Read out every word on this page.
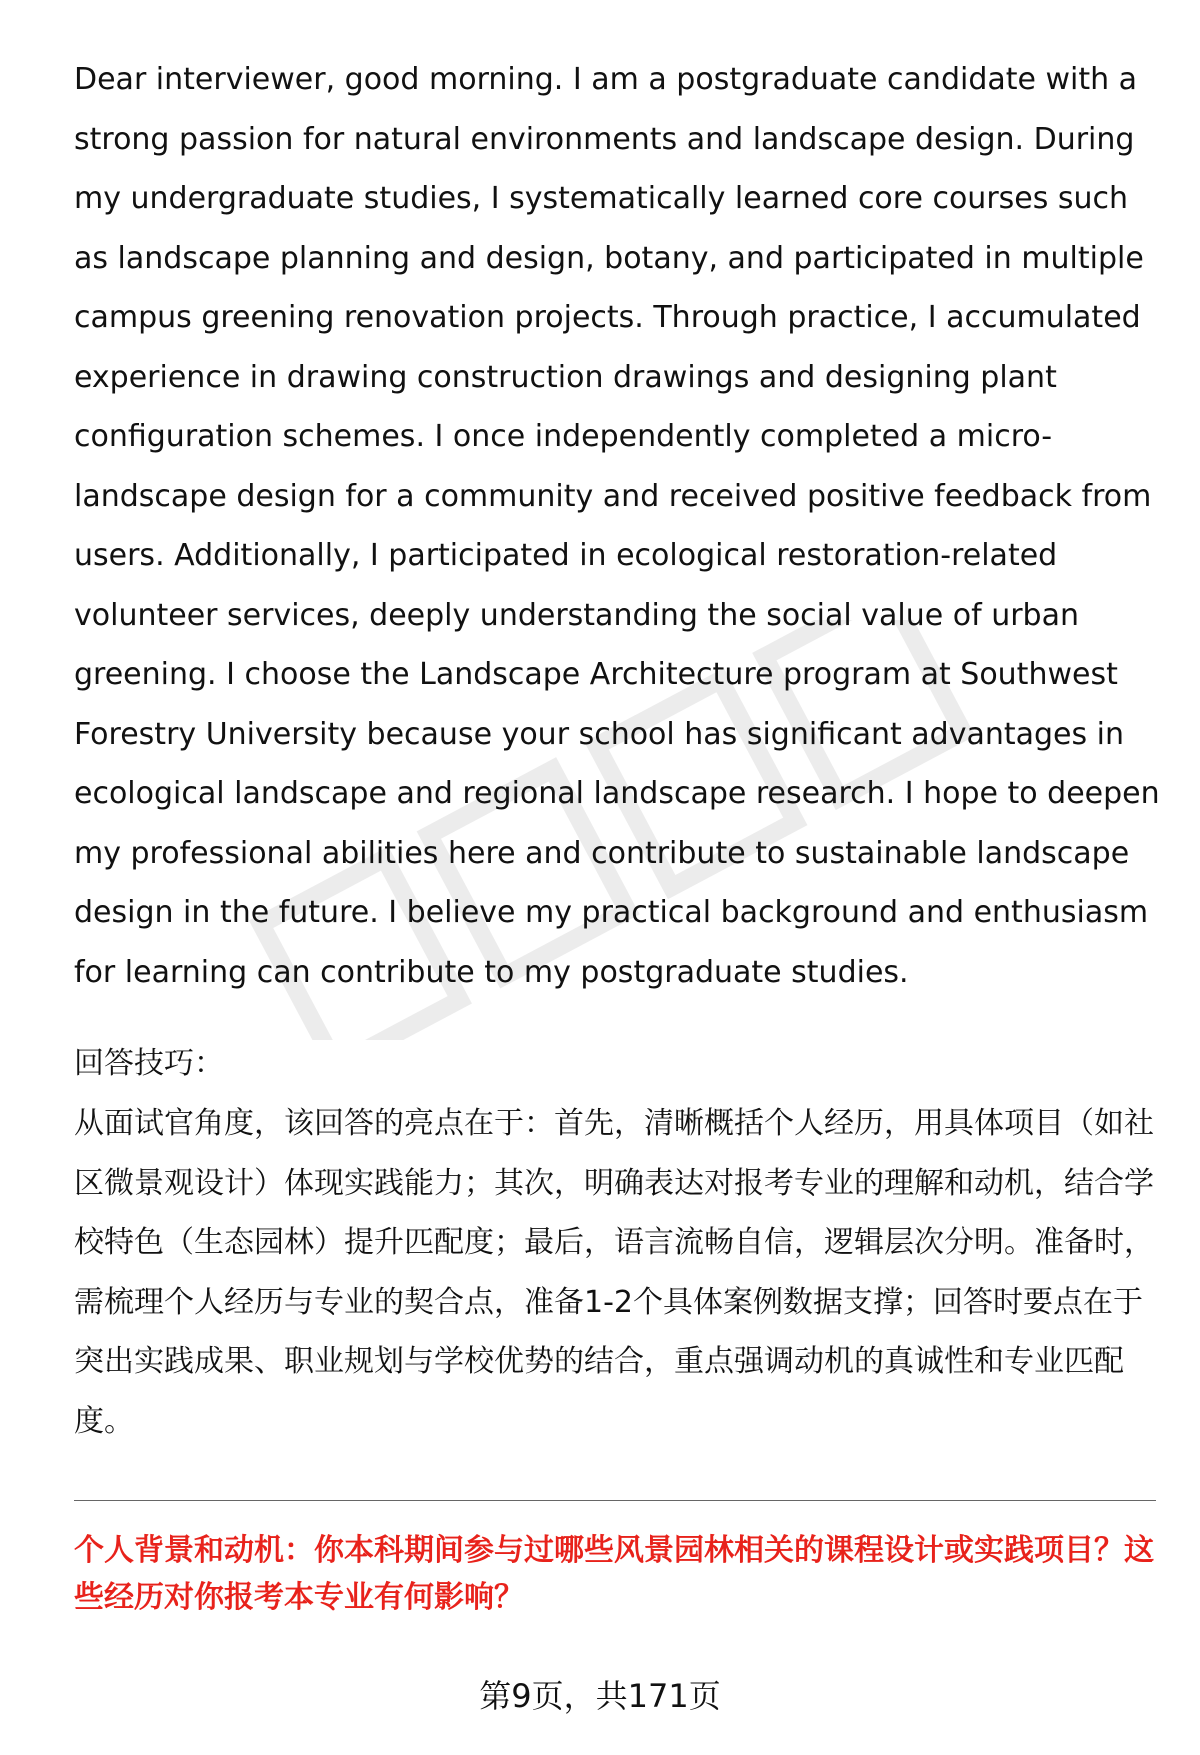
Dear interviewer, good morning. I am a postgraduate candidate with a strong passion for natural environments and landscape design. During my undergraduate studies, I systematically learned core courses such as landscape planning and design, botany, and participated in multiple campus greening renovation projects. Through practice, I accumulated experience in drawing construction drawings and designing plant configuration schemes. I once independently completed a micro-landscape design for a community and received positive feedback from users. Additionally, I participated in ecological restoration-related volunteer services, deeply understanding the social value of urban greening. I choose the Landscape Architecture program at Southwest Forestry University because your school has significant advantages in ecological landscape and regional landscape research. I hope to deepen my professional abilities here and contribute to sustainable landscape design in the future. I believe my practical background and enthusiasm for learning can contribute to my postgraduate studies.

回答技巧：

从面试官角度，该回答的亮点在于：首先，清晰概括个人经历，用具体项目（如社区微景观设计）体现实践能力；其次，明确表达对报考专业的理解和动机，结合学校特色（生态园林）提升匹配度；最后，语言流畅自信，逻辑层次分明。准备时，需梳理个人经历与专业的契合点，准备1-2个具体案例数据支撑；回答时要点在于突出实践成果、职业规划与学校优势的结合，重点强调动机的真诚性和专业匹配度。

个人背景和动机：你本科期间参与过哪些风景园林相关的课程设计或实践项目？这些经历对你报考本专业有何影响？

第9页，共171页
